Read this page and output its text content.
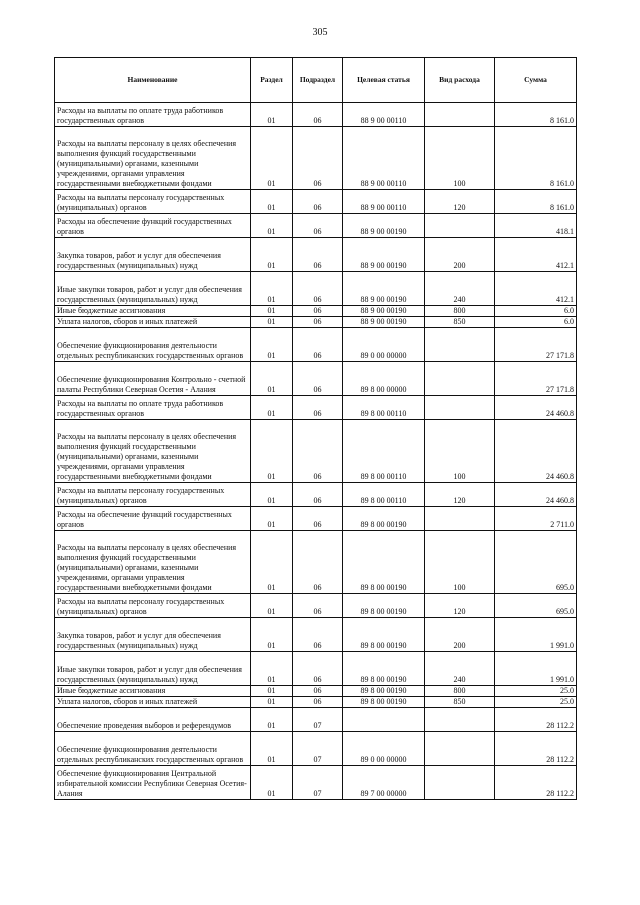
305
Наименование	Раздел	Подраздел	Целевая статья	Вид расхода	Сумма
Расходы на выплаты по оплате труда работников государственных органов	01	06	88 9 00 00110		8 161.0
Расходы на выплаты персоналу в целях обеспечения выполнения функций государственными (муниципальными) органами, казенными учреждениями, органами управления государственными внебюджетными фондами	01	06	88 9 00 00110	100	8 161.0
Расходы на выплаты персоналу государственных (муниципальных) органов	01	06	88 9 00 00110	120	8 161.0
Расходы на обеспечение функций государственных органов	01	06	88 9 00 00190		418.1
Закупка товаров, работ и услуг для обеспечения государственных (муниципальных) нужд	01	06	88 9 00 00190	200	412.1
Иные закупки товаров, работ и услуг для обеспечения государственных (муниципальных) нужд	01	06	88 9 00 00190	240	412.1
Иные бюджетные ассигнования	01	06	88 9 00 00190	800	6.0
Уплата налогов, сборов и иных платежей	01	06	88 9 00 00190	850	6.0
Обеспечение функционирования деятельности отдельных республиканских государственных органов	01	06	89 0 00 00000		27 171.8
Обеспечение функционирования Контрольно - счетной палаты Республики Северная Осетия - Алания	01	06	89 8 00 00000		27 171.8
Расходы на выплаты по оплате труда работников государственных органов	01	06	89 8 00 00110		24 460.8
Расходы на выплаты персоналу в целях обеспечения выполнения функций государственными (муниципальными) органами, казенными учреждениями, органами управления государственными внебюджетными фондами	01	06	89 8 00 00110	100	24 460.8
Расходы на выплаты персоналу государственных (муниципальных) органов	01	06	89 8 00 00110	120	24 460.8
Расходы на обеспечение функций государственных органов	01	06	89 8 00 00190		2 711.0
Расходы на выплаты персоналу в целях обеспечения выполнения функций государственными (муниципальными) органами, казенными учреждениями, органами управления государственными внебюджетными фондами	01	06	89 8 00 00190	100	695.0
Расходы на выплаты персоналу государственных (муниципальных) органов	01	06	89 8 00 00190	120	695.0
Закупка товаров, работ и услуг для обеспечения государственных (муниципальных) нужд	01	06	89 8 00 00190	200	1 991.0
Иные закупки товаров, работ и услуг для обеспечения государственных (муниципальных) нужд	01	06	89 8 00 00190	240	1 991.0
Иные бюджетные ассигнования	01	06	89 8 00 00190	800	25.0
Уплата налогов, сборов и иных платежей	01	06	89 8 00 00190	850	25.0
Обеспечение проведения выборов и референдумов	01	07			28 112.2
Обеспечение функционирования деятельности отдельных республиканских государственных органов	01	07	89 0 00 00000		28 112.2
Обеспечение функционирования Центральной избирательной комиссии Республики Северная Осетия-Алания	01	07	89 7 00 00000		28 112.2
